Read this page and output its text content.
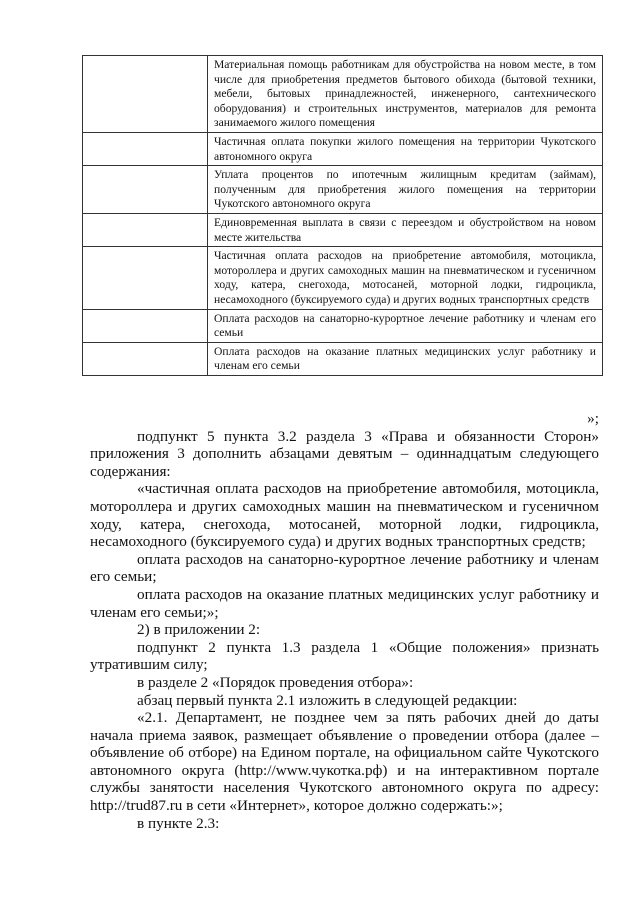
	Материальная помощь работникам для обустройства на новом месте, в том числе для приобретения предметов бытового обихода (бытовой техники, мебели, бытовых принадлежностей, инженерного, сантехнического оборудования) и строительных инструментов, материалов для ремонта занимаемого жилого помещения
	Частичная оплата покупки жилого помещения на территории Чукотского автономного округа
	Уплата процентов по ипотечным жилищным кредитам (займам), полученным для приобретения жилого помещения на территории Чукотского автономного округа
	Единовременная выплата в связи с переездом и обустройством на новом месте жительства
	Частичная оплата расходов на приобретение автомобиля, мотоцикла, мотороллера и других самоходных машин на пневматическом и гусеничном ходу, катера, снегохода, мотосаней, моторной лодки, гидроцикла, несамоходного (буксируемого суда) и других водных транспортных средств
	Оплата расходов на санаторно-курортное лечение работнику и членам его семьи
	Оплата расходов на оказание платных медицинских услуг работнику и членам его семьи

»;

подпункт 5 пункта 3.2 раздела 3 «Права и обязанности Сторон» приложения 3 дополнить абзацами девятым – одиннадцатым следующего содержания:

«частичная оплата расходов на приобретение автомобиля, мотоцикла, мотороллера и других самоходных машин на пневматическом и гусеничном ходу, катера, снегохода, мотосаней, моторной лодки, гидроцикла, несамоходного (буксируемого суда) и других водных транспортных средств;

оплата расходов на санаторно-курортное лечение работнику и членам его семьи;

оплата расходов на оказание платных медицинских услуг работнику и членам его семьи;»;

2) в приложении 2:

подпункт 2 пункта 1.3 раздела 1 «Общие положения» признать утратившим силу;

в разделе 2 «Порядок проведения отбора»:

абзац первый пункта 2.1 изложить в следующей редакции:

«2.1. Департамент, не позднее чем за пять рабочих дней до даты начала приема заявок, размещает объявление о проведении отбора (далее – объявление об отборе) на Едином портале, на официальном сайте Чукотского автономного округа (http://www.чукотка.рф) и на интерактивном портале службы занятости населения Чукотского автономного округа по адресу: http://trud87.ru в сети «Интернет», которое должно содержать:»;

в пункте 2.3:
